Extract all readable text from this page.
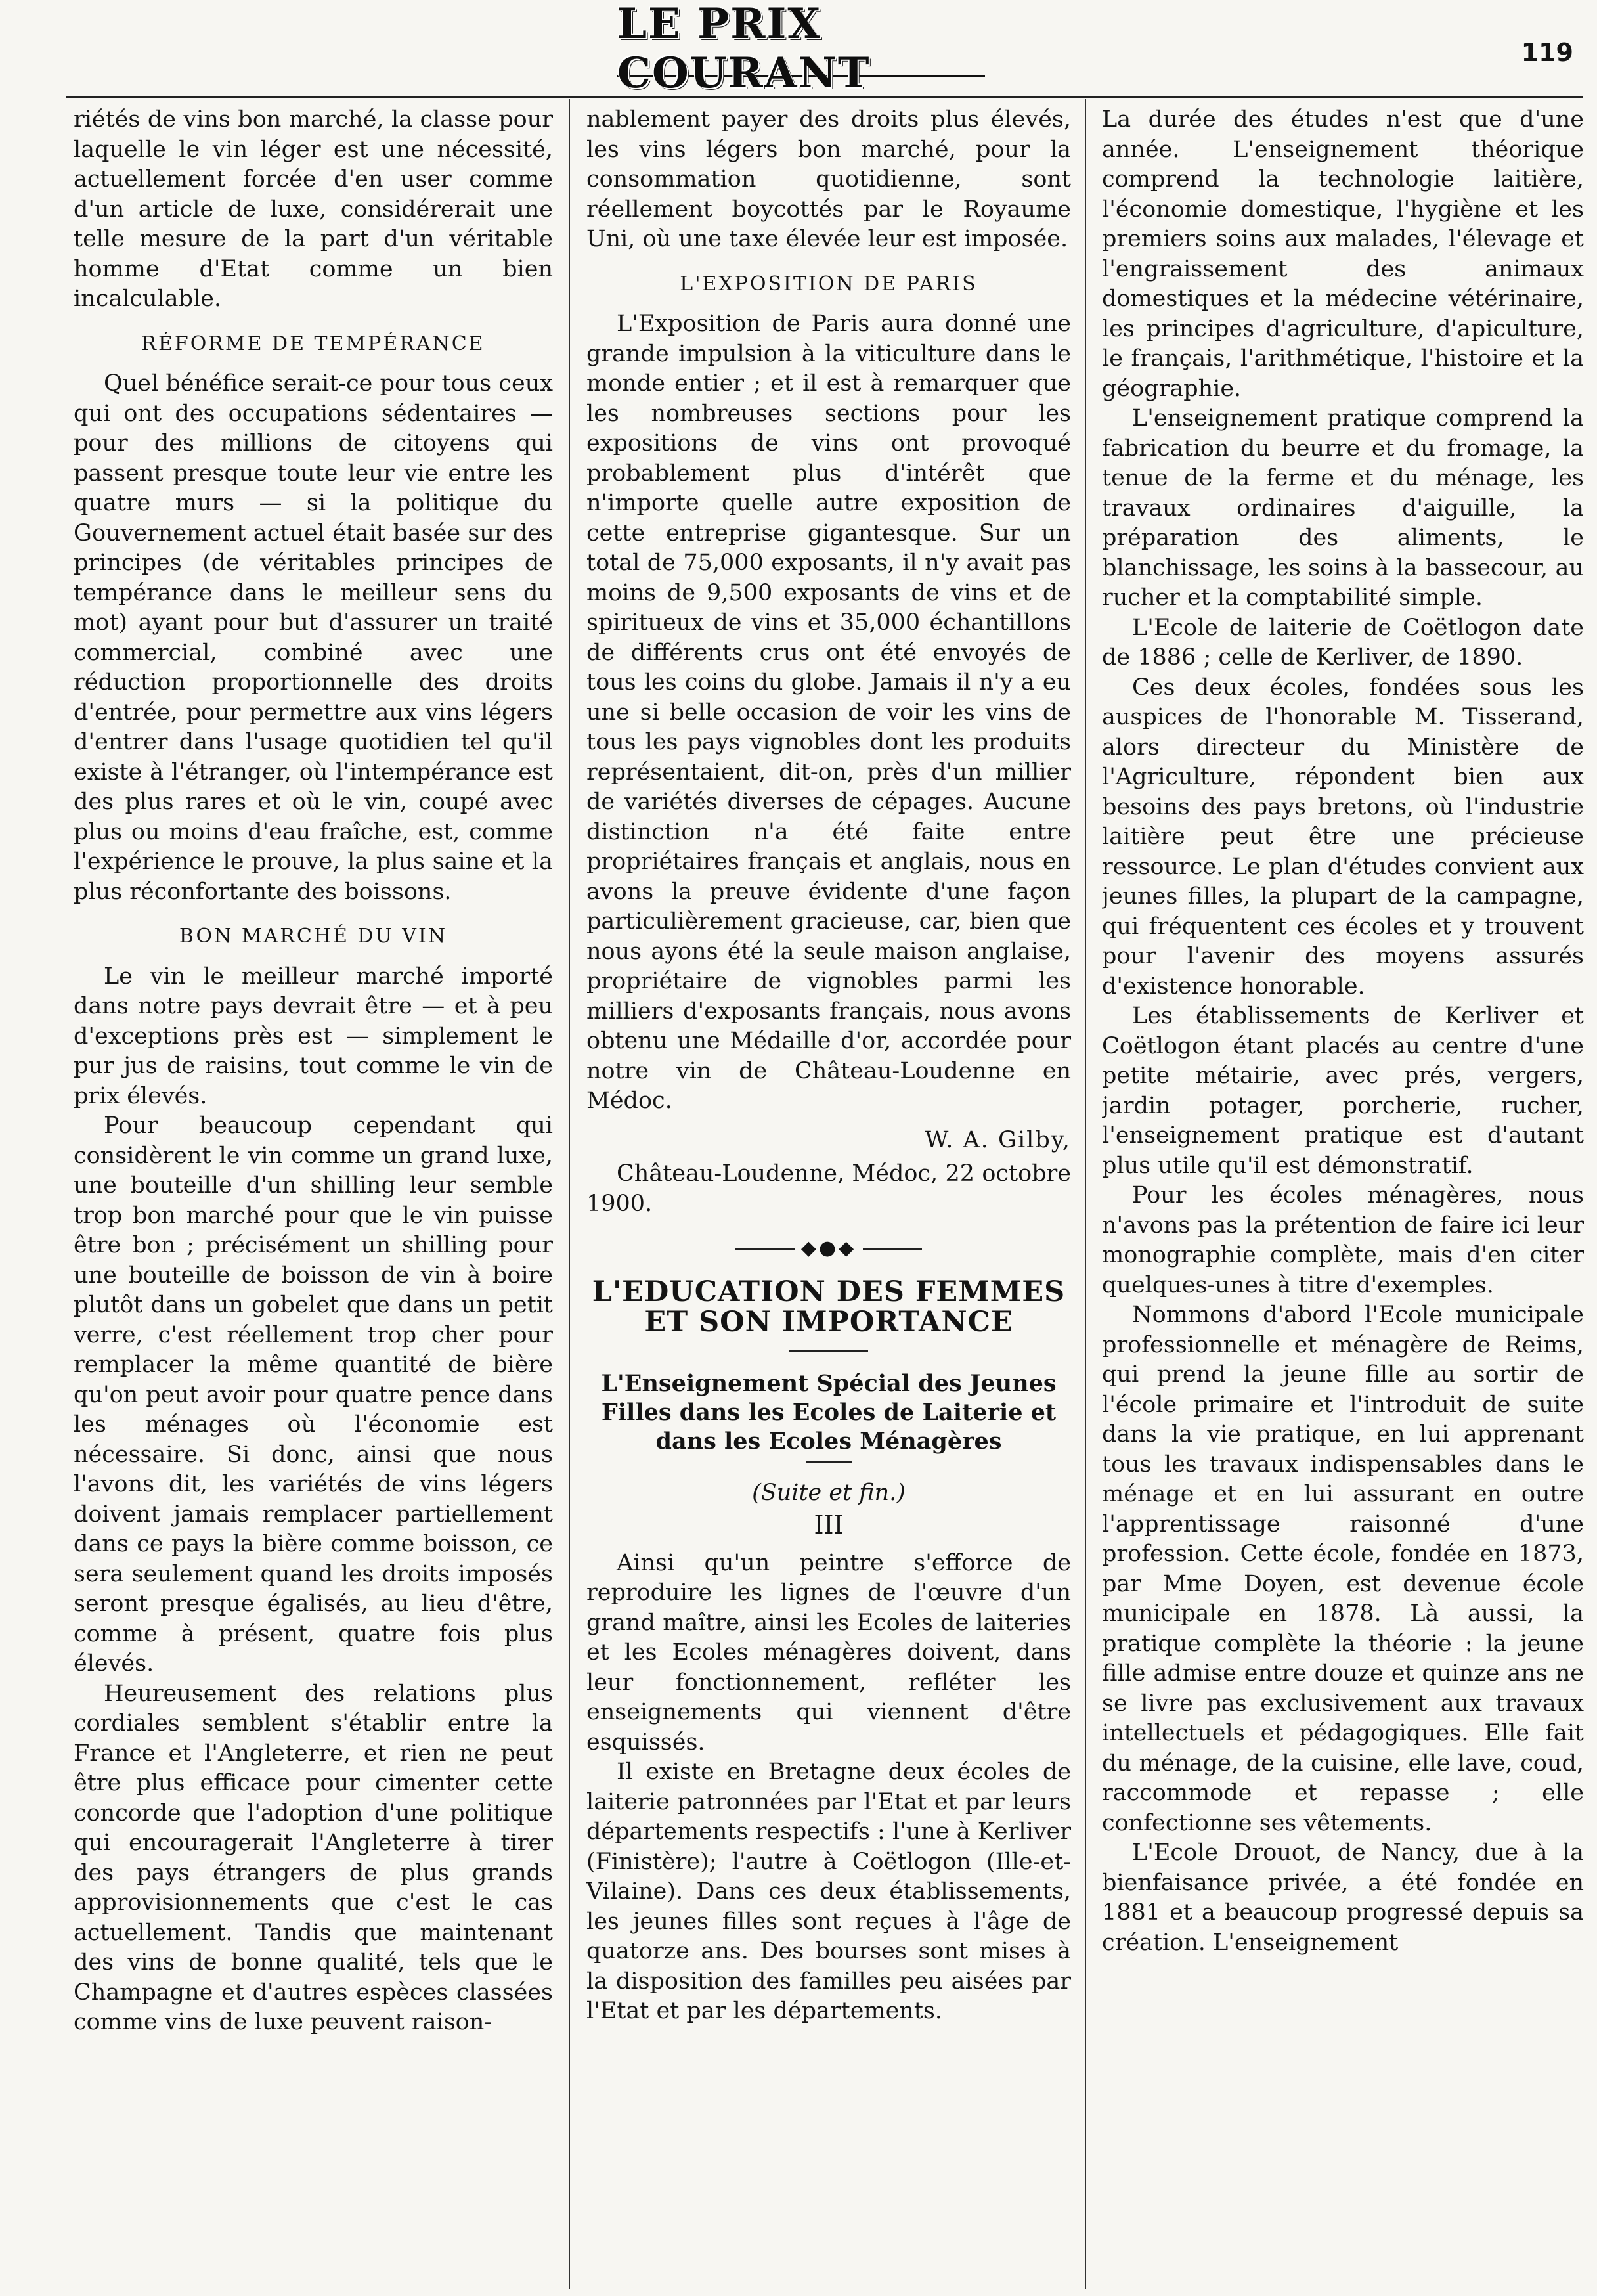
LE PRIX COURANT	119

riétés de vins bon marché, la classe pour laquelle le vin léger est une nécessité, actuellement forcée d'en user comme d'un article de luxe, considérerait une telle mesure de la part d'un véritable homme d'Etat comme un bien incalculable.

RÉFORME DE TEMPÉRANCE

Quel bénéfice serait-ce pour tous ceux qui ont des occupations sédentaires — pour des millions de citoyens qui passent presque toute leur vie entre les quatre murs — si la politique du Gouvernement actuel était basée sur des principes (de véritables principes de tempérance dans le meilleur sens du mot) ayant pour but d'assurer un traité commercial, combiné avec une réduction proportionnelle des droits d'entrée, pour permettre aux vins légers d'entrer dans l'usage quotidien tel qu'il existe à l'étranger, où l'intempérance est des plus rares et où le vin, coupé avec plus ou moins d'eau fraîche, est, comme l'expérience le prouve, la plus saine et la plus réconfortante des boissons.

BON MARCHÉ DU VIN

Le vin le meilleur marché importé dans notre pays devrait être — et à peu d'exceptions près est — simplement le pur jus de raisins, tout comme le vin de prix élevés.

Pour beaucoup cependant qui considèrent le vin comme un grand luxe, une bouteille d'un shilling leur semble trop bon marché pour que le vin puisse être bon ; précisément un shilling pour une bouteille de boisson de vin à boire plutôt dans un gobelet que dans un petit verre, c'est réellement trop cher pour remplacer la même quantité de bière qu'on peut avoir pour quatre pence dans les ménages où l'économie est nécessaire. Si donc, ainsi que nous l'avons dit, les variétés de vins légers doivent jamais remplacer partiellement dans ce pays la bière comme boisson, ce sera seulement quand les droits imposés seront presque égalisés, au lieu d'être, comme à présent, quatre fois plus élevés.

Heureusement des relations plus cordiales semblent s'établir entre la France et l'Angleterre, et rien ne peut être plus efficace pour cimenter cette concorde que l'adoption d'une politique qui encouragerait l'Angleterre à tirer des pays étrangers de plus grands approvisionnements que c'est le cas actuellement. Tandis que maintenant des vins de bonne qualité, tels que le Champagne et d'autres espèces classées comme vins de luxe peuvent raison-

nablement payer des droits plus élevés, les vins légers bon marché, pour la consommation quotidienne, sont réellement boycottés par le Royaume Uni, où une taxe élevée leur est imposée.

L'EXPOSITION DE PARIS

L'Exposition de Paris aura donné une grande impulsion à la viticulture dans le monde entier ; et il est à remarquer que les nombreuses sections pour les expositions de vins ont provoqué probablement plus d'intérêt que n'importe quelle autre exposition de cette entreprise gigantesque. Sur un total de 75,000 exposants, il n'y avait pas moins de 9,500 exposants de vins et de spiritueux de vins et 35,000 échantillons de différents crus ont été envoyés de tous les coins du globe. Jamais il n'y a eu une si belle occasion de voir les vins de tous les pays vignobles dont les produits représentaient, dit-on, près d'un millier de variétés diverses de cépages. Aucune distinction n'a été faite entre propriétaires français et anglais, nous en avons la preuve évidente d'une façon particulièrement gracieuse, car, bien que nous ayons été la seule maison anglaise, propriétaire de vignobles parmi les milliers d'exposants français, nous avons obtenu une Médaille d'or, accordée pour notre vin de Château-Loudenne en Médoc.

W. A. Gilby,
Château-Loudenne, Médoc, 22 octobre 1900.
◆●◆
L'EDUCATION DES FEMMES ET SON IMPORTANCE
L'Enseignement Spécial des Jeunes Filles dans les Ecoles de Laiterie et dans les Ecoles Ménagères
(Suite et fin.)
III

Ainsi qu'un peintre s'efforce de reproduire les lignes de l'œuvre d'un grand maître, ainsi les Ecoles de laiteries et les Ecoles ménagères doivent, dans leur fonctionnement, refléter les enseignements qui viennent d'être esquissés.

Il existe en Bretagne deux écoles de laiterie patronnées par l'Etat et par leurs départements respectifs : l'une à Kerliver (Finistère); l'autre à Coëtlogon (Ille-et-Vilaine). Dans ces deux établissements, les jeunes filles sont reçues à l'âge de quatorze ans. Des bourses sont mises à la disposition des familles peu aisées par l'Etat et par les départements.

La durée des études n'est que d'une année. L'enseignement théorique comprend la technologie laitière, l'économie domestique, l'hygiène et les premiers soins aux malades, l'élevage et l'engraissement des animaux domestiques et la médecine vétérinaire, les principes d'agriculture, d'apiculture, le français, l'arithmétique, l'histoire et la géographie.

L'enseignement pratique comprend la fabrication du beurre et du fromage, la tenue de la ferme et du ménage, les travaux ordinaires d'aiguille, la préparation des aliments, le blanchissage, les soins à la bassecour, au rucher et la comptabilité simple.

L'Ecole de laiterie de Coëtlogon date de 1886 ; celle de Kerliver, de 1890.

Ces deux écoles, fondées sous les auspices de l'honorable M. Tisserand, alors directeur du Ministère de l'Agriculture, répondent bien aux besoins des pays bretons, où l'industrie laitière peut être une précieuse ressource. Le plan d'études convient aux jeunes filles, la plupart de la campagne, qui fréquentent ces écoles et y trouvent pour l'avenir des moyens assurés d'existence honorable.

Les établissements de Kerliver et Coëtlogon étant placés au centre d'une petite métairie, avec prés, vergers, jardin potager, porcherie, rucher, l'enseignement pratique est d'autant plus utile qu'il est démonstratif.

Pour les écoles ménagères, nous n'avons pas la prétention de faire ici leur monographie complète, mais d'en citer quelques-unes à titre d'exemples.

Nommons d'abord l'Ecole municipale professionnelle et ménagère de Reims, qui prend la jeune fille au sortir de l'école primaire et l'introduit de suite dans la vie pratique, en lui apprenant tous les travaux indispensables dans le ménage et en lui assurant en outre l'apprentissage raisonné d'une profession. Cette école, fondée en 1873, par Mme Doyen, est devenue école municipale en 1878. Là aussi, la pratique complète la théorie : la jeune fille admise entre douze et quinze ans ne se livre pas exclusivement aux travaux intellectuels et pédagogiques. Elle fait du ménage, de la cuisine, elle lave, coud, raccommode et repasse ; elle confectionne ses vêtements.

L'Ecole Drouot, de Nancy, due à la bienfaisance privée, a été fondée en 1881 et a beaucoup progressé depuis sa création. L'enseignement
